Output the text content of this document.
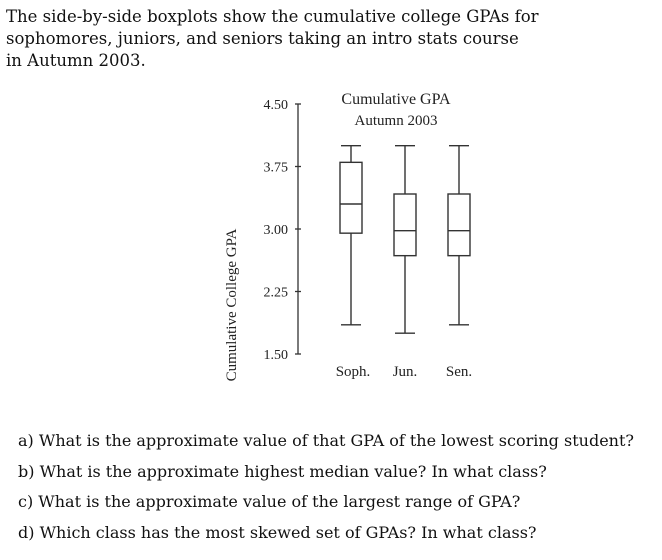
The side-by-side boxplots show the cumulative college GPAs for
sophomores, juniors, and seniors taking an intro stats course
in Autumn 2003.
Cumulative GPA
Autumn 2003
Cumulative College GPA
4.50
3.75
3.00
2.25
1.50
Soph. Jun. Sen.
a) What is the approximate value of that GPA of the lowest scoring student?
b) What is the approximate highest median value? In what class?
c) What is the approximate value of the largest range of GPA?
d) Which class has the most skewed set of GPAs? In what class?
